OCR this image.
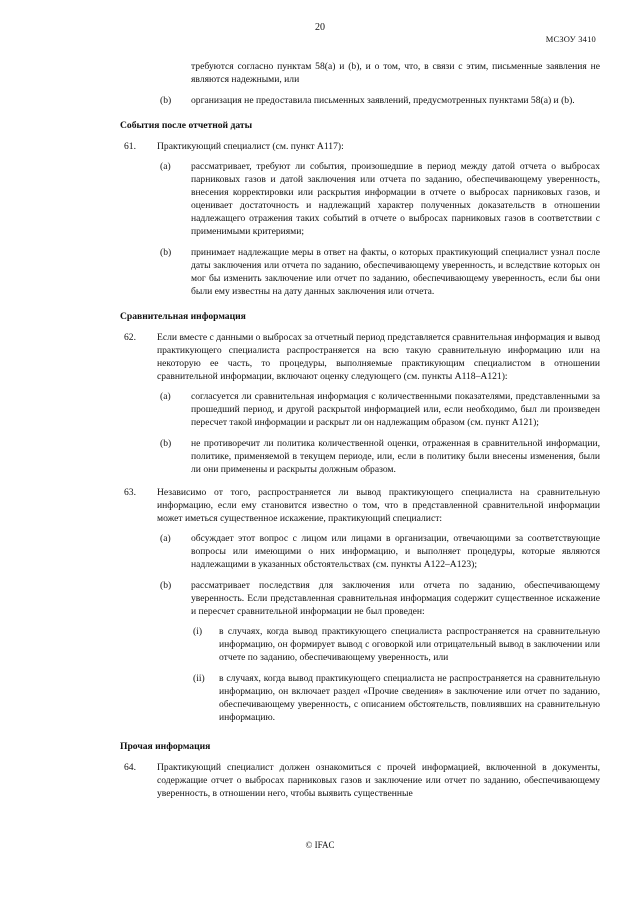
20
МСЗОУ 3410

требуются согласно пунктам 58(a) и (b), и о том, что, в связи с этим, письменные заявления не являются надежными, или

(b) организация не предоставила письменных заявлений, предусмотренных пунктами 58(a) и (b).

События после отчетной даты
61. Практикующий специалист (см. пункт A117):

(a) рассматривает, требуют ли события, произошедшие в период между датой отчета о выбросах парниковых газов и датой заключения или отчета по заданию, обеспечивающему уверенность, внесения корректировки или раскрытия информации в отчете о выбросах парниковых газов, и оценивает достаточность и надлежащий характер полученных доказательств в отношении надлежащего отражения таких событий в отчете о выбросах парниковых газов в соответствии с применимыми критериями;

(b) принимает надлежащие меры в ответ на факты, о которых практикующий специалист узнал после даты заключения или отчета по заданию, обеспечивающему уверенность, и вследствие которых он мог бы изменить заключение или отчет по заданию, обеспечивающему уверенность, если бы они были ему известны на дату данных заключения или отчета.

Сравнительная информация
62. Если вместе с данными о выбросах за отчетный период представляется сравнительная информация и вывод практикующего специалиста распространяется на всю такую сравнительную информацию или на некоторую ее часть, то процедуры, выполняемые практикующим специалистом в отношении сравнительной информации, включают оценку следующего (см. пункты A118–A121):

(a) согласуется ли сравнительная информация с количественными показателями, представленными за прошедший период, и другой раскрытой информацией или, если необходимо, был ли произведен пересчет такой информации и раскрыт ли он надлежащим образом (см. пункт A121);

(b) не противоречит ли политика количественной оценки, отраженная в сравнительной информации, политике, применяемой в текущем периоде, или, если в политику были внесены изменения, были ли они применены и раскрыты должным образом.

63. Независимо от того, распространяется ли вывод практикующего специалиста на сравнительную информацию, если ему становится известно о том, что в представленной сравнительной информации может иметься существенное искажение, практикующий специалист:

(a) обсуждает этот вопрос с лицом или лицами в организации, отвечающими за соответствующие вопросы или имеющими о них информацию, и выполняет процедуры, которые являются надлежащими в указанных обстоятельствах (см. пункты A122–A123);

(b) рассматривает последствия для заключения или отчета по заданию, обеспечивающему уверенность. Если представленная сравнительная информация содержит существенное искажение и пересчет сравнительной информации не был проведен:

(i) в случаях, когда вывод практикующего специалиста распространяется на сравнительную информацию, он формирует вывод с оговоркой или отрицательный вывод в заключении или отчете по заданию, обеспечивающему уверенность, или

(ii) в случаях, когда вывод практикующего специалиста не распространяется на сравнительную информацию, он включает раздел «Прочие сведения» в заключение или отчет по заданию, обеспечивающему уверенность, с описанием обстоятельств, повлиявших на сравнительную информацию.

Прочая информация
64. Практикующий специалист должен ознакомиться с прочей информацией, включенной в документы, содержащие отчет о выбросах парниковых газов и заключение или отчет по заданию, обеспечивающему уверенность, в отношении него, чтобы выявить существенные

© IFAC
